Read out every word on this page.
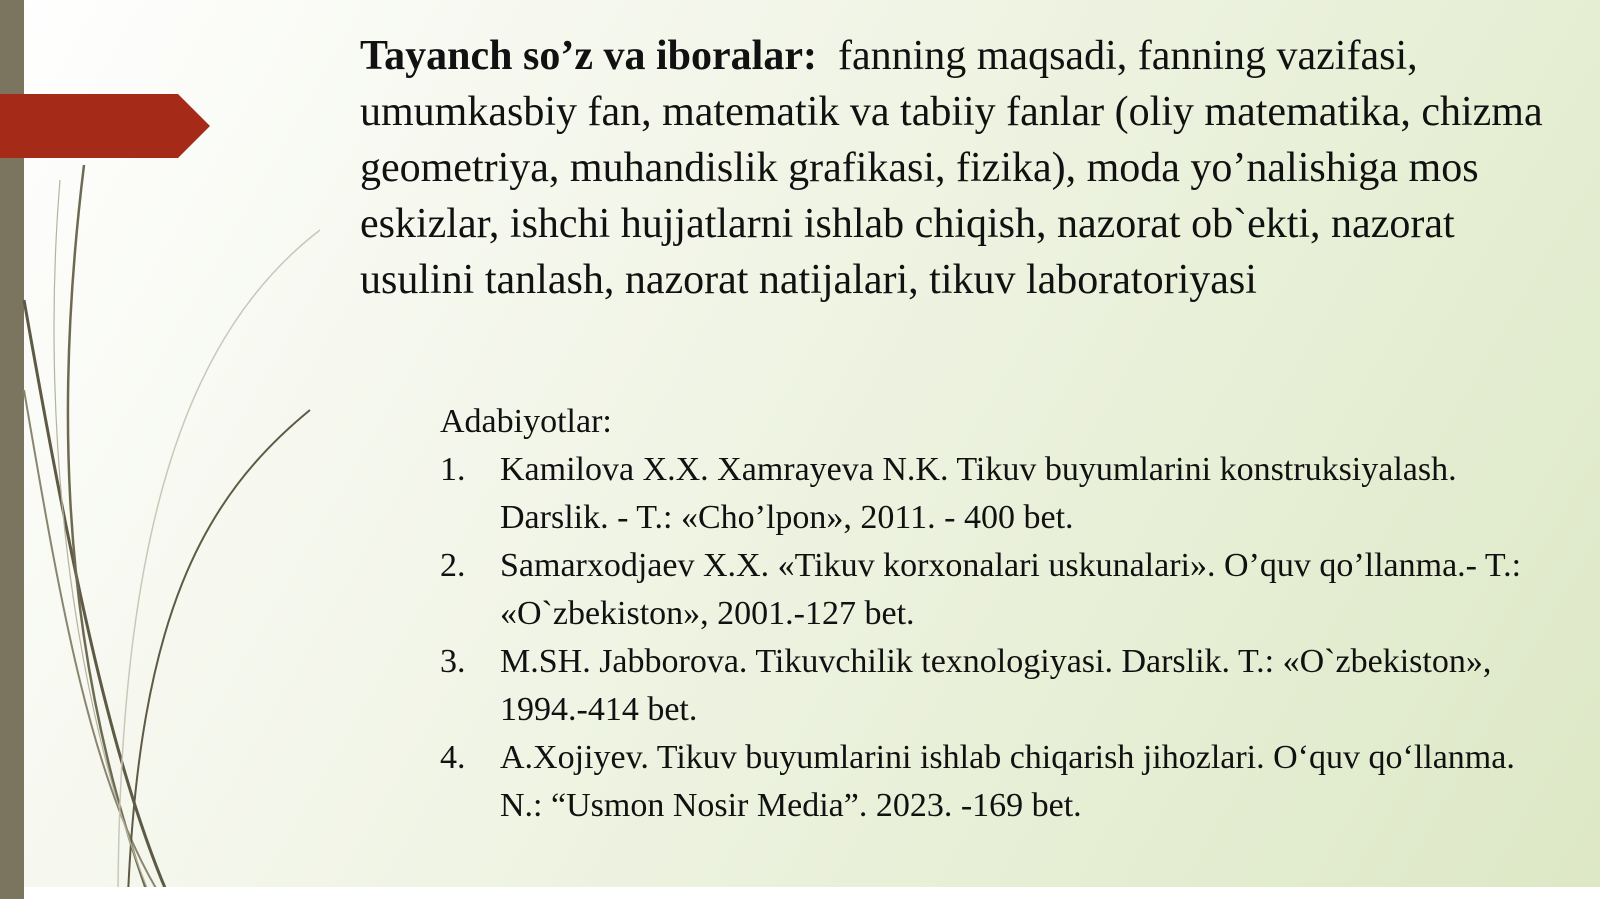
Tayanch so’z va iboralar: fanning maqsadi, fanning vazifasi, umumkasbiy fan, matematik va tabiiy fanlar (oliy matematika, chizma geometriya, muhandislik grafikasi, fizika), moda yo’nalishiga mos eskizlar, ishchi hujjatlarni ishlab chiqish, nazorat ob`ekti, nazorat usulini tanlash, nazorat natijalari, tikuv laboratoriyasi

Adabiyotlar:

1.	Kamilova X.X. Xamrayeva N.K. Tikuv buyumlarini konstruksiyalash. Darslik. - T.: «Cho’lpon», 2011. - 400 bet.
2.	Samarxodjaev X.X. «Tikuv korxonalari uskunalari». O’quv qo’llanma.- T.: «O`zbekiston», 2001.-127 bet.
3.	M.SH. Jabborova. Tikuvchilik texnologiyasi. Darslik. T.: «O`zbekiston», 1994.-414 bet.
4.	A.Xojiyev. Tikuv buyumlarini ishlab chiqarish jihozlari. O‘quv qo‘llanma. N.: “Usmon Nosir Media”. 2023. -169 bet.
